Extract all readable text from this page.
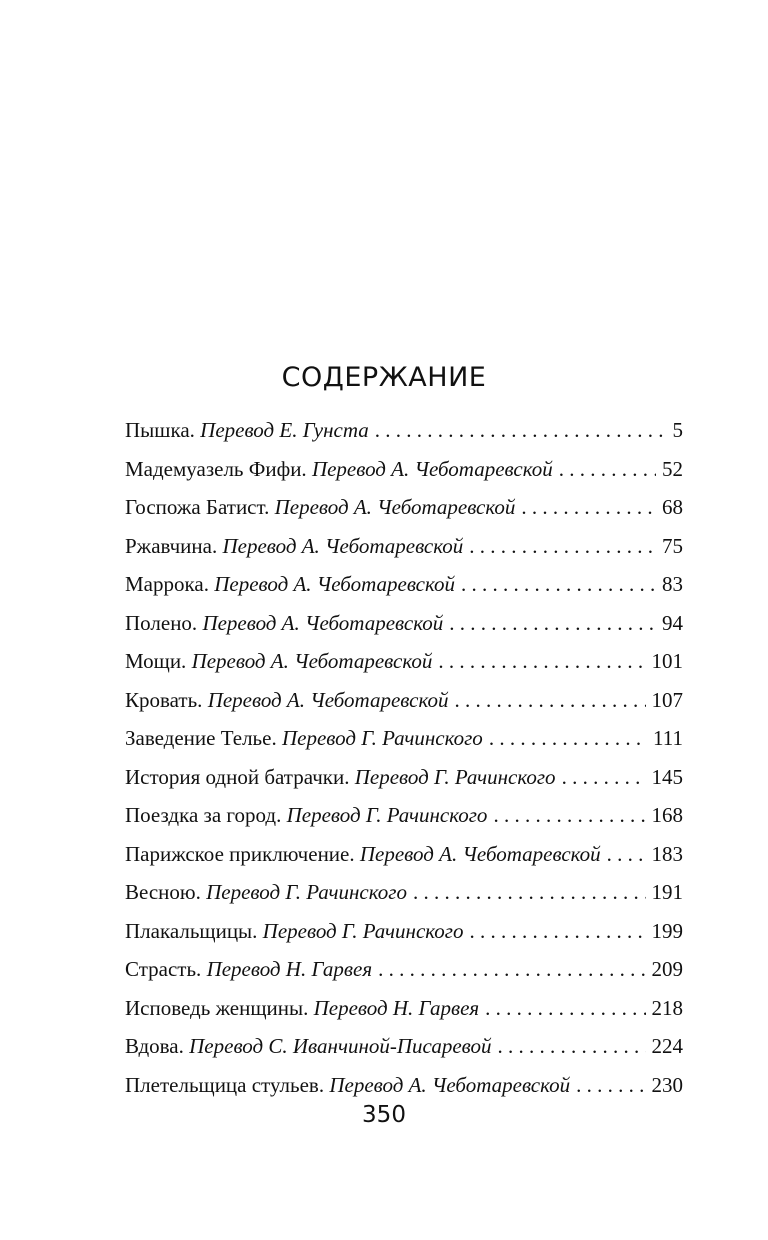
СОДЕРЖАНИЕ
Пышка. Перевод Е. Гунста . . .	5
Мадемуазель Фифи. Перевод А. Чеботаревской . . .	52
Госпожа Батист. Перевод А. Чеботаревской . . .	68
Ржавчина. Перевод А. Чеботаревской . . .	75
Маррока. Перевод А. Чеботаревской . . .	83
Полено. Перевод А. Чеботаревской . . .	94
Мощи. Перевод А. Чеботаревской . . .	101
Кровать. Перевод А. Чеботаревской . . .	107
Заведение Телье. Перевод Г. Рачинского . . .	111
История одной батрачки. Перевод Г. Рачинского . . .	145
Поездка за город. Перевод Г. Рачинского . . .	168
Парижское приключение. Перевод А. Чеботаревской . . . 183
Весною. Перевод Г. Рачинского . . .	191
Плакальщицы. Перевод Г. Рачинского . . .	199
Страсть. Перевод Н. Гарвея . . .	209
Исповедь женщины. Перевод Н. Гарвея . . .	218
Вдова. Перевод С. Иванчиной-Писаревой . . .	224
Плетельщица стульев. Перевод А. Чеботаревской . . .	230
350
